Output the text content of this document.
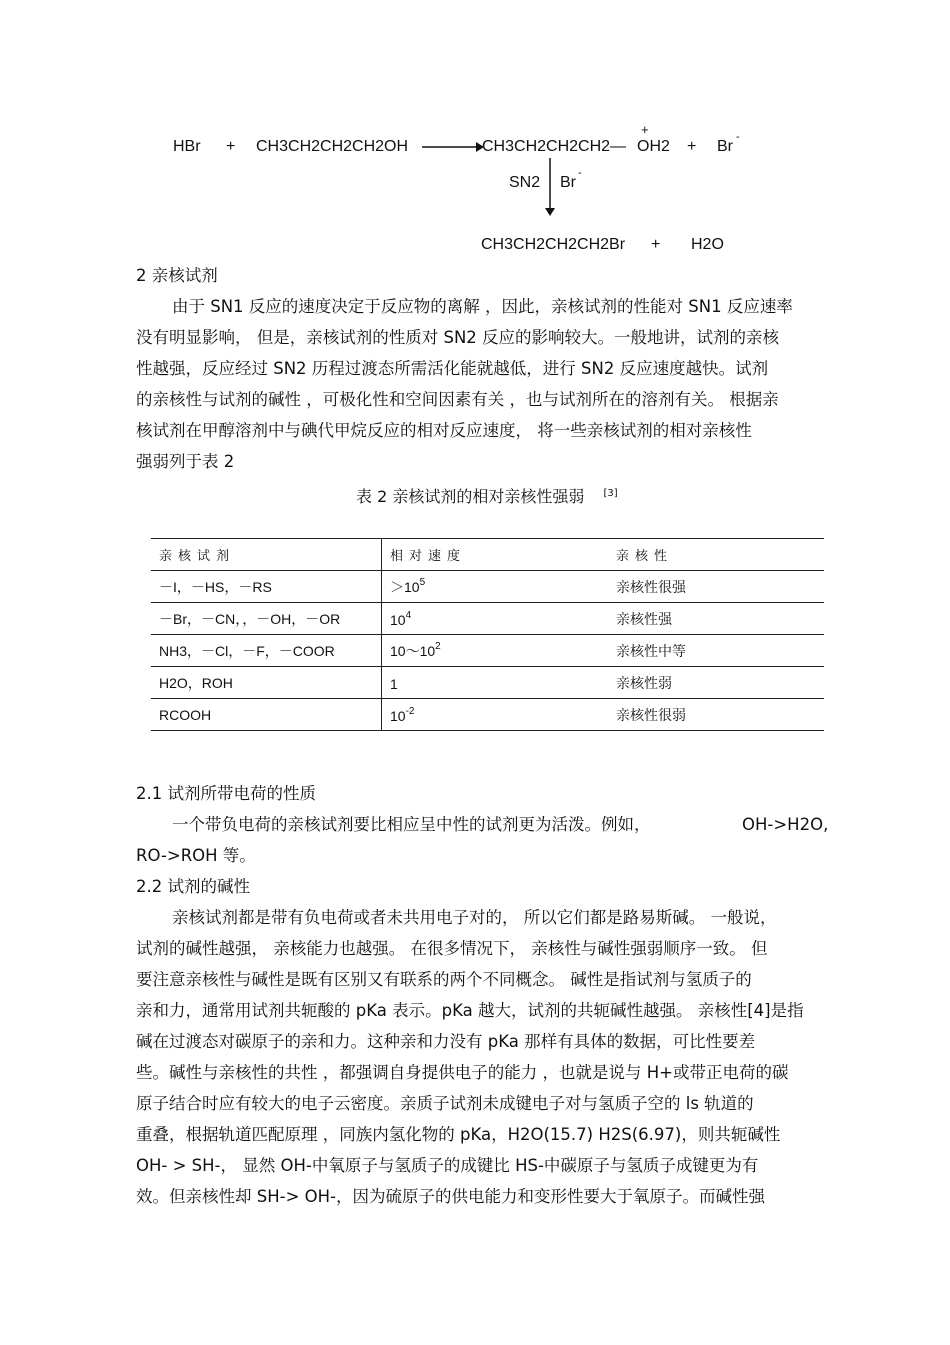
HBr + CH3CH2CH2CH2OH →
CH3CH2CH2CH2—
+
OH2 + Br
-
SN2 Br
-
CH3CH2CH2CH2Br + H2O
2 亲核试剂
由于 SN1 反应的速度决定于反应物的离解 ，因此，亲核试剂的性能对 SN1 反应速率
没有明显影响， 但是，亲核试剂的性质对 SN2 反应的影响较大。一般地讲，试剂的亲核
性越强，反应经过 SN2 历程过渡态所需活化能就越低，进行 SN2 反应速度越快。试剂
的亲核性与试剂的碱性 ，可极化性和空间因素有关 ，也与试剂所在的溶剂有关。 根据亲
核试剂在甲醇溶剂中与碘代甲烷反应的相对反应速度， 将一些亲核试剂的相对亲核性
强弱列于表 2
表 2 亲核试剂的相对亲核性强弱 [3]
亲核试剂	相对速度	亲核性
－I，－HS，－RS	$>10^5$	亲核性很强
－Br，－CN，，－OH，－OR	$10^4$	亲核性强
NH3，－Cl，－F，－COOR	$10\sim 10^2$	亲核性中等
H2O，ROH	1	亲核性弱
RCOOH	$10^{-2}$	亲核性很弱
2.1 试剂所带电荷的性质
一个带负电荷的亲核试剂要比相应呈中性的试剂更为活泼。例如，	OH->H2O,
RO->ROH 等。
2.2 试剂的碱性
亲核试剂都是带有负电荷或者未共用电子对的， 所以它们都是路易斯碱。 一般说，
试剂的碱性越强， 亲核能力也越强。 在很多情况下， 亲核性与碱性强弱顺序一致。 但
要注意亲核性与碱性是既有区别又有联系的两个不同概念。 碱性是指试剂与氢质子的
亲和力，通常用试剂共轭酸的 pKa 表示。pKa 越大，试剂的共轭碱性越强。 亲核性[4]是指
碱在过渡态对碳原子的亲和力。这种亲和力没有 pKa 那样有具体的数据，可比性要差
些。碱性与亲核性的共性 ，都强调自身提供电子的能力 ，也就是说与 H+或带正电荷的碳
原子结合时应有较大的电子云密度。亲质子试剂未成键电子对与氢质子空的 ls 轨道的
重叠，根据轨道匹配原理 ，同族内氢化物的 pKa，H2O(15.7) H2S(6.97)，则共轭碱性
OH- > SH-， 显然 OH-中氧原子与氢质子的成键比 HS-中碳原子与氢质子成键更为有
效。但亲核性却 SH-> OH-，因为硫原子的供电能力和变形性要大于氧原子。而碱性强
